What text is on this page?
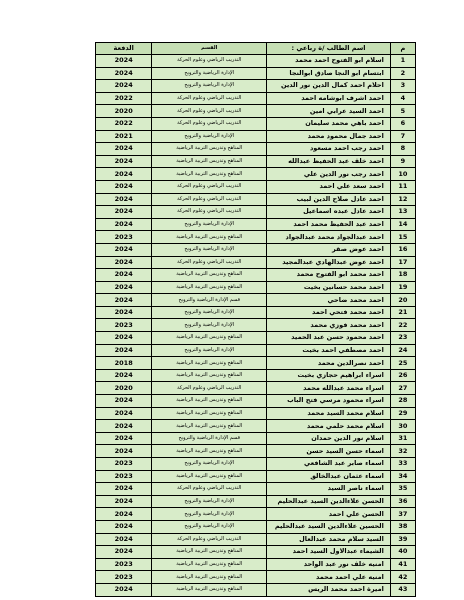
م	اسم الطالب /ة رباعي :	القسم	الدفعة
1	اسلام ابو الفتوح احمد محمد	التدريب الرياضي وعلوم الحركة	2024
2	ابتسام ابو النجا صادق ابوالنجا	الإدارة الرياضية والترويح	2024
3	احلام احمد كمال الدين نور الدين	الإدارة الرياضية والترويح	2024
4	احمد اشرف ابوشامه احمد	التدريب الرياضي وعلوم الحركة	2022
5	احمد السيد عرابي امين	التدريب الرياضي وعلوم الحركة	2020
6	احمد باهي محمد سليمان	التدريب الرياضي وعلوم الحركة	2022
7	احمد جمال محمود محمد	الإدارة الرياضية والترويح	2021
8	احمد رجب احمد مسعود	المناهج وتدريس التربية الرياضية	2024
9	احمد خلف عبد الحفيظ عبدالله	المناهج وتدريس التربية الرياضية	2024
10	احمد رجب نور الدين علي	المناهج وتدريس التربية الرياضية	2024
11	احمد سعد علي احمد	التدريب الرياضي وعلوم الحركة	2024
12	احمد عادل صلاح الدين لبيب	التدريب الرياضي وعلوم الحركة	2024
13	احمد عادل عبده اسماعيل	التدريب الرياضي وعلوم الحركة	2024
14	احمد عبد الحفيظ محمد احمد	الإدارة الرياضية والترويح	2024
15	احمد عبدالجواد محمد عبدالجواد	المناهج وتدريس التربية الرياضية	2023
16	احمد عوض صقر	الإدارة الرياضية والترويح	2024
17	احمد عوض عبدالهادي عبدالمجيد	التدريب الرياضي وعلوم الحركة	2024
18	احمد محمد ابو الفتوح محمد	المناهج وتدريس التربية الرياضية	2024
19	احمد محمد حسانين بخيت	المناهج وتدريس التربية الرياضية	2024
20	احمد محمد ضاحي	قسم الإدارة الرياضية والترويح	2024
21	احمد محمد فتحي احمد	الإدارة الرياضية والترويح	2024
22	احمد محمد فوزي محمد	الإدارة الرياضية والترويح	2023
23	احمد محمود حسن عبد الحميد	المناهج وتدريس التربية الرياضية	2024
24	احمد مصطفي احمد بخيت	الإدارة الرياضية والترويح	2024
25	احمد نصرالدين محمد	المناهج وتدريس التربية الرياضية	2018
26	اسراء ابراهيم حجازي بخيت	المناهج وتدريس التربية الرياضية	2024
27	اسراء محمد عبدالله محمد	التدريب الرياضي وعلوم الحركة	2020
28	اسراء محمود مرسي فتح الباب	المناهج وتدريس التربية الرياضية	2024
29	اسلام محمد السيد محمد	المناهج وتدريس التربية الرياضية	2024
30	اسلام محمد حلمي محمد	المناهج وتدريس التربية الرياضية	2024
31	اسلام نور الدين حمدان	قسم الإدارة الرياضية والترويح	2024
32	اسماء حسن السيد حسن	المناهج وتدريس التربية الرياضية	2024
33	اسماء صابر عبد الشافعي	الإدارة الرياضية والترويح	2023
34	اسماء عثمان عبدالخالق	المناهج وتدريس التربية الرياضية	2023
35	اسماء ناصر السيد	التدريب الرياضي وعلوم الحركة	2024
36	الحسن علاءالدين السيد عبدالحليم	الإدارة الرياضية والترويح	2024
37	الحسن علي احمد	الإدارة الرياضية والترويح	2024
38	الحسين علاءالدين السيد عبدالحليم	الإدارة الرياضية والترويح	2024
39	السيد سلام محمد عبدالعال	التدريب الرياضي وعلوم الحركة	2024
40	الشيماء عبدالاول السيد احمد	المناهج وتدريس التربية الرياضية	2024
41	امنيه خلف نور عبد الواحد	المناهج وتدريس التربية الرياضية	2023
42	امنيه علي احمد محمد	المناهج وتدريس التربية الرياضية	2023
43	اميرة احمد محمد الريس	المناهج وتدريس التربية الرياضية	2024
